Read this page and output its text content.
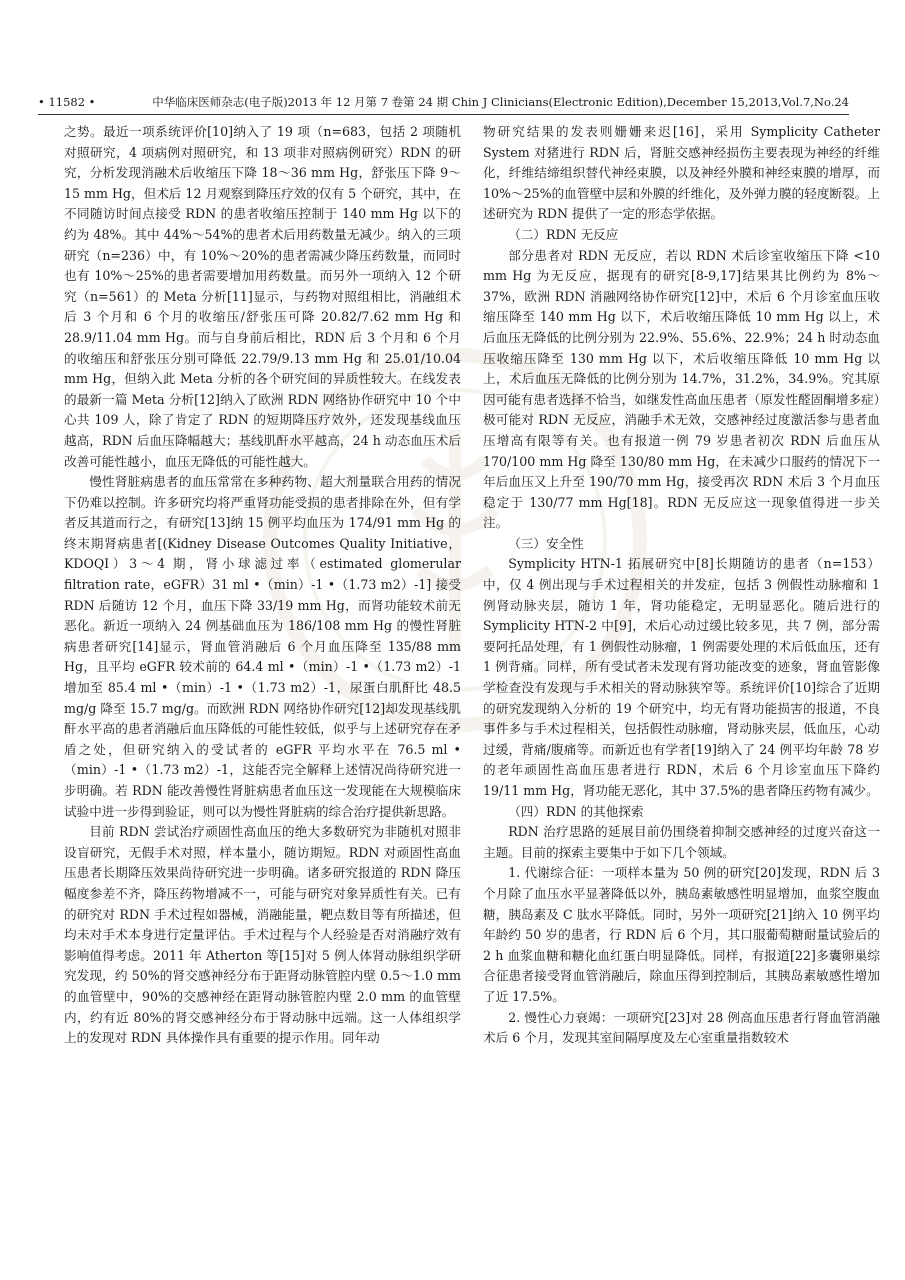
• 11582 •	中华临床医师杂志(电子版)2013 年 12 月第 7 卷第 24 期 Chin J Clinicians(Electronic Edition),December 15,2013,Vol.7,No.24

之势。最近一项系统评价[10]纳入了 19 项（n=683，包括 2 项随机对照研究，4 项病例对照研究，和 13 项非对照病例研究）RDN 的研究，分析发现消融术后收缩压下降 18～36 mm Hg，舒张压下降 9～15 mm Hg，但术后 12 月观察到降压疗效的仅有 5 个研究，其中，在不同随访时间点接受 RDN 的患者收缩压控制于 140 mm Hg 以下的约为 48%。其中 44%～54%的患者术后用药数量无减少。纳入的三项研究（n=236）中，有 10%～20%的患者需减少降压药数量，而同时也有 10%～25%的患者需要增加用药数量。而另外一项纳入 12 个研究（n=561）的 Meta 分析[11]显示，与药物对照组相比，消融组术后 3 个月和 6 个月的收缩压/舒张压可降 20.82/7.62 mm Hg 和 28.9/11.04 mm Hg。而与自身前后相比，RDN 后 3 个月和 6 个月的收缩压和舒张压分别可降低 22.79/9.13 mm Hg 和 25.01/10.04 mm Hg，但纳入此 Meta 分析的各个研究间的异质性较大。在线发表的最新一篇 Meta 分析[12]纳入了欧洲 RDN 网络协作研究中 10 个中心共 109 人，除了肯定了 RDN 的短期降压疗效外，还发现基线血压越高，RDN 后血压降幅越大；基线肌酐水平越高，24 h 动态血压术后改善可能性越小，血压无降低的可能性越大。

慢性肾脏病患者的血压常常在多种药物、超大剂量联合用药的情况下仍难以控制。许多研究均将严重肾功能受损的患者排除在外，但有学者反其道而行之，有研究[13]纳 15 例平均血压为 174/91 mm Hg 的终末期肾病患者[(Kidney Disease Outcomes Quality Initiative，KDOQI）3～4 期，肾小球滤过率（estimated glomerular filtration rate，eGFR）31 ml •（min）-1 •（1.73 m2）-1] 接受 RDN 后随访 12 个月，血压下降 33/19 mm Hg，而肾功能较术前无恶化。新近一项纳入 24 例基础血压为 186/108 mm Hg 的慢性肾脏病患者研究[14]显示，肾血管消融后 6 个月血压降至 135/88 mm Hg，且平均 eGFR 较术前的 64.4 ml •（min）-1 •（1.73 m2）-1 增加至 85.4 ml •（min）-1 •（1.73 m2）-1，尿蛋白肌酐比 48.5 mg/g 降至 15.7 mg/g。而欧洲 RDN 网络协作研究[12]却发现基线肌酐水平高的患者消融后血压降低的可能性较低，似乎与上述研究存在矛盾之处，但研究纳入的受试者的 eGFR 平均水平在 76.5 ml •（min）-1 •（1.73 m2）-1，这能否完全解释上述情况尚待研究进一步明确。若 RDN 能改善慢性肾脏病患者血压这一发现能在大规模临床试验中进一步得到验证，则可以为慢性肾脏病的综合治疗提供新思路。

目前 RDN 尝试治疗顽固性高血压的绝大多数研究为非随机对照非设盲研究，无假手术对照，样本量小，随访期短。RDN 对顽固性高血压患者长期降压效果尚待研究进一步明确。诸多研究报道的 RDN 降压幅度参差不齐，降压药物增减不一，可能与研究对象异质性有关。已有的研究对 RDN 手术过程如器械，消融能量，靶点数目等有所描述，但均未对手术本身进行定量评估。手术过程与个人经验是否对消融疗效有影响值得考虑。2011 年 Atherton 等[15]对 5 例人体肾动脉组织学研究发现，约 50%的肾交感神经分布于距肾动脉管腔内壁 0.5～1.0 mm 的血管壁中，90%的交感神经在距肾动脉管腔内壁 2.0 mm 的血管壁内，约有近 80%的肾交感神经分布于肾动脉中远端。这一人体组织学上的发现对 RDN 具体操作具有重要的提示作用。同年动

物研究结果的发表则姗姗来迟[16]，采用 Symplicity Catheter System 对猪进行 RDN 后，肾脏交感神经损伤主要表现为神经的纤维化，纤维结缔组织替代神经束膜，以及神经外膜和神经束膜的增厚，而 10%～25%的血管壁中层和外膜的纤维化，及外弹力膜的轻度断裂。上述研究为 RDN 提供了一定的形态学依据。

（二）RDN 无反应

部分患者对 RDN 无反应，若以 RDN 术后诊室收缩压下降 <10 mm Hg 为无反应，据现有的研究[8-9,17]结果其比例约为 8%～37%，欧洲 RDN 消融网络协作研究[12]中，术后 6 个月诊室血压收缩压降至 140 mm Hg 以下，术后收缩压降低 10 mm Hg 以上，术后血压无降低的比例分别为 22.9%、55.6%、22.9%；24 h 时动态血压收缩压降至 130 mm Hg 以下，术后收缩压降低 10 mm Hg 以上，术后血压无降低的比例分别为 14.7%，31.2%，34.9%。究其原因可能有患者选择不恰当，如继发性高血压患者（原发性醛固酮增多症）极可能对 RDN 无反应，消融手术无效，交感神经过度激活参与患者血压增高有限等有关。也有报道一例 79 岁患者初次 RDN 后血压从 170/100 mm Hg 降至 130/80 mm Hg，在未减少口服药的情况下一年后血压又上升至 190/70 mm Hg，接受再次 RDN 术后 3 个月血压稳定于 130/77 mm Hg[18]。RDN 无反应这一现象值得进一步关注。

（三）安全性

Symplicity HTN-1 拓展研究中[8]长期随访的患者（n=153）中，仅 4 例出现与手术过程相关的并发症，包括 3 例假性动脉瘤和 1 例肾动脉夹层，随访 1 年，肾功能稳定，无明显恶化。随后进行的 Symplicity HTN-2 中[9]，术后心动过缓比较多见，共 7 例，部分需要阿托品处理，有 1 例假性动脉瘤，1 例需要处理的术后低血压，还有 1 例背痛。同样，所有受试者未发现有肾功能改变的迹象，肾血管影像学检查没有发现与手术相关的肾动脉狭窄等。系统评价[10]综合了近期的研究发现纳入分析的 19 个研究中，均无有肾功能损害的报道，不良事件多与手术过程相关，包括假性动脉瘤，肾动脉夹层，低血压，心动过缓，背痛/腹痛等。而新近也有学者[19]纳入了 24 例平均年龄 78 岁的老年顽固性高血压患者进行 RDN，术后 6 个月诊室血压下降约 19/11 mm Hg，肾功能无恶化，其中 37.5%的患者降压药物有减少。

（四）RDN 的其他探索

RDN 治疗思路的延展目前仍围绕着抑制交感神经的过度兴奋这一主题。目前的探索主要集中于如下几个领域。

1. 代谢综合征：一项样本量为 50 例的研究[20]发现，RDN 后 3 个月除了血压水平显著降低以外，胰岛素敏感性明显增加，血浆空腹血糖，胰岛素及 C 肽水平降低。同时，另外一项研究[21]纳入 10 例平均年龄约 50 岁的患者，行 RDN 后 6 个月，其口服葡萄糖耐量试验后的 2 h 血浆血糖和糖化血红蛋白明显降低。同样，有报道[22]多囊卵巢综合征患者接受肾血管消融后，除血压得到控制后，其胰岛素敏感性增加了近 17.5%。

2. 慢性心力衰竭：一项研究[23]对 28 例高血压患者行肾血管消融术后 6 个月，发现其室间隔厚度及左心室重量指数较术
